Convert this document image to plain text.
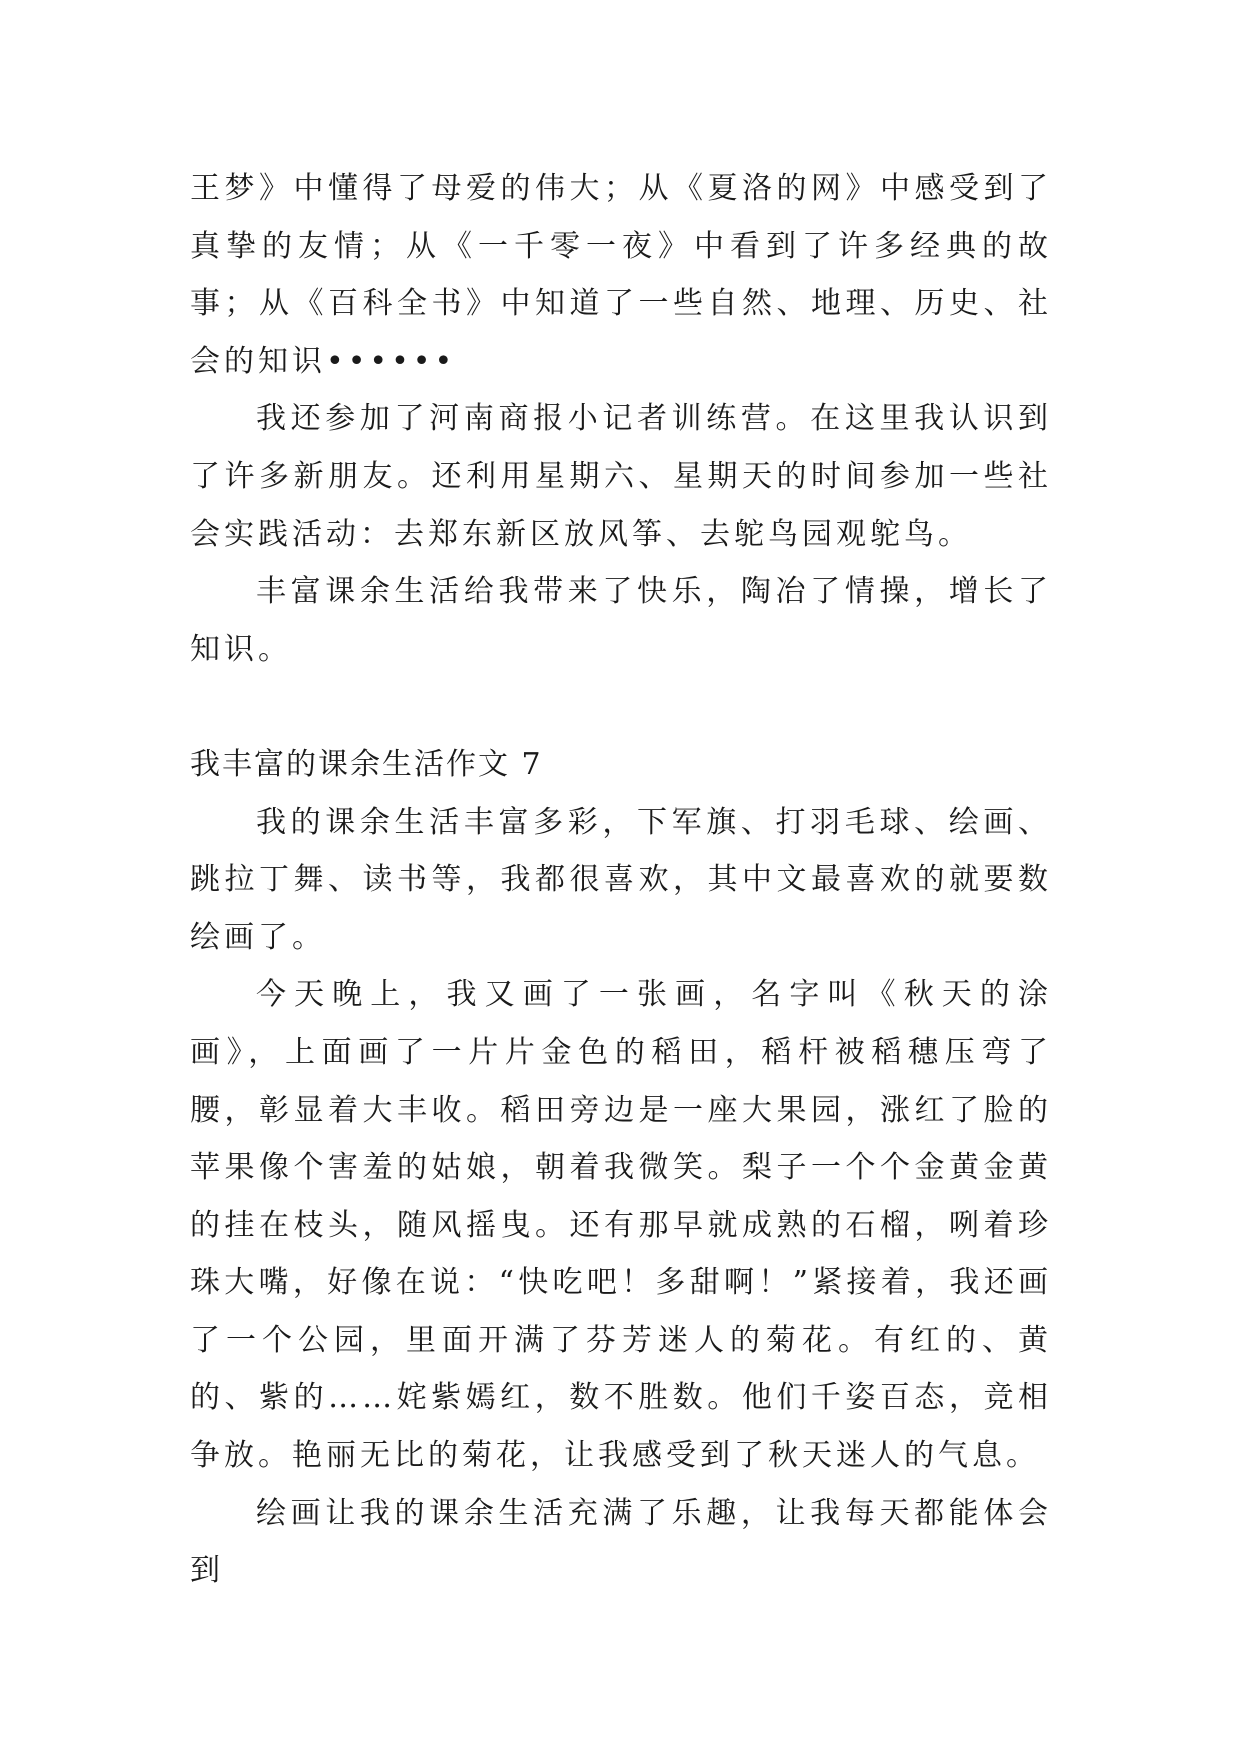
王梦》中懂得了母爱的伟大；从《夏洛的网》中感受到了真挚的友情；从《一千零一夜》中看到了许多经典的故事；从《百科全书》中知道了一些自然、地理、历史、社会的知识••••••

我还参加了河南商报小记者训练营。在这里我认识到了许多新朋友。还利用星期六、星期天的时间参加一些社会实践活动：去郑东新区放风筝、去鸵鸟园观鸵鸟。

丰富课余生活给我带来了快乐，陶冶了情操，增长了知识。

我丰富的课余生活作文 7

我的课余生活丰富多彩，下军旗、打羽毛球、绘画、跳拉丁舞、读书等，我都很喜欢，其中文最喜欢的就要数绘画了。

今天晚上，我又画了一张画，名字叫《秋天的涂画》，上面画了一片片金色的稻田，稻杆被稻穗压弯了腰，彰显着大丰收。稻田旁边是一座大果园，涨红了脸的苹果像个害羞的姑娘，朝着我微笑。梨子一个个金黄金黄的挂在枝头，随风摇曳。还有那早就成熟的石榴，咧着珍珠大嘴，好像在说：“快吃吧！多甜啊！”紧接着，我还画了一个公园，里面开满了芬芳迷人的菊花。有红的、黄的、紫的……姹紫嫣红，数不胜数。他们千姿百态，竞相争放。艳丽无比的菊花，让我感受到了秋天迷人的气息。

绘画让我的课余生活充满了乐趣，让我每天都能体会到
